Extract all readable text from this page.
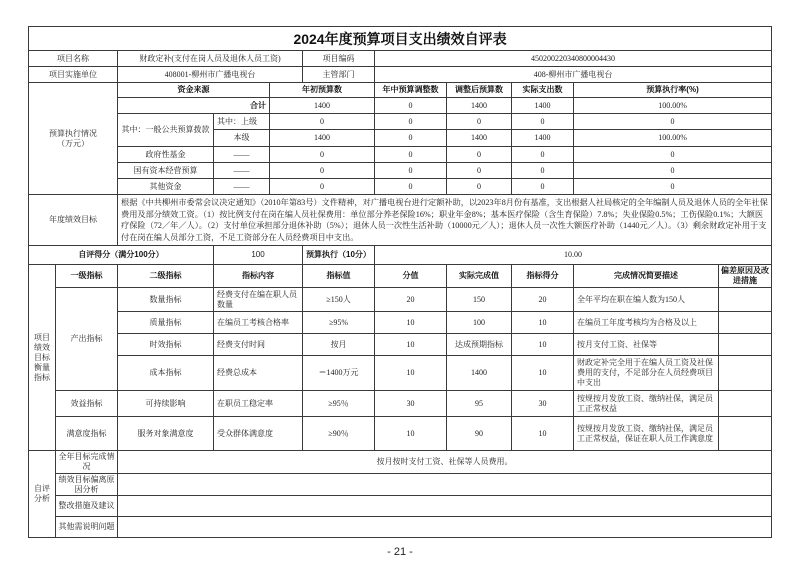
2024年度预算项目支出绩效自评表										
项目名称		财政定补(支付在岗人员及退休人员工资)			项目编码	450200220340800004430				
项目实施单位		408001-柳州市广播电视台			主管部门	408-柳州市广播电视台				

预算执行情况
（万元）		资金来源		年初预算数		年中预算调整数	调整后预算数	实际支出数	预算执行率(%)	
		合计		1400		0	1400	1400	100.00%	
		其中：一般公共预算拨款	其中：上级	0		0	0	0	0	
			本级	1400		0	1400	1400	100.00%	
		政府性基金	——	0		0	0	0	0	
		国有资本经营预算	——	0		0	0	0	0	
		其他资金	——	0		0	0	0	0	
年度绩效目标		根据《中共柳州市委常会议决定通知》（2010年第83号）文件精神，对广播电视台进行定额补助，以2023年8月份有基准，支出根据人社局核定的全年编制人员及退休人员的全年社保费用及部分绩效工资。（1）按比例支付在岗在编人员社保费用：单位部分养老保险16%；职业年金8%；基本医疗保险（含生育保险）7.8%；失业保险0.5%；工伤保险0.1%；大额医疗保险（72／年／人）。（2）支付单位承担部分退休补助（5%）；退休人员一次性生活补助（10000元／人）；退休人员一次性大额医疗补助（1440元／人）。（3）剩余财政定补用于支付在岗在编人员部分工资，不足工资部分在人员经费项目中支出。								
自评得分（满分100分）			100		预算执行（10分）	10.00				
项目绩效目标衡量指标	一级指标	二级指标	指标内容		指标值	分值	实际完成值	指标得分	完成情况简要描述	偏差原因及改进措施
	产出指标	数量指标	经费支付在编在职人员数量		≥150人	20	150	20	全年平均在职在编人数为150人	
		质量指标	在编员工考核合格率		≥95%	10	100	10	在编员工年度考核均为合格及以上	
		时效指标	经费支付时间		按月	10	达成预期指标	10	按月支付工资、社保等	
		成本指标	经费总成本		＝1400万元	10	1400	10	财政定补完全用于在编人员工资及社保费用的支付，不足部分在人员经费项目中支出	
	效益指标	可持续影响	在职员工稳定率		≥95％	30	95	30	按规按月发放工资、缴纳社保，满足员工正常权益	
	满意度指标	服务对象满意度	受众群体满意度		≥90％	10	90	10	按规按月发放工资、缴纳社保，满足员工正常权益，保证在职人员工作满意度	
自评分析	全年目标完成情况	按月按时支付工资、社保等人员费用。								
	绩效目标偏离原因分析									
	整改措施及建议									
	其他需说明问题									
- 21 -
